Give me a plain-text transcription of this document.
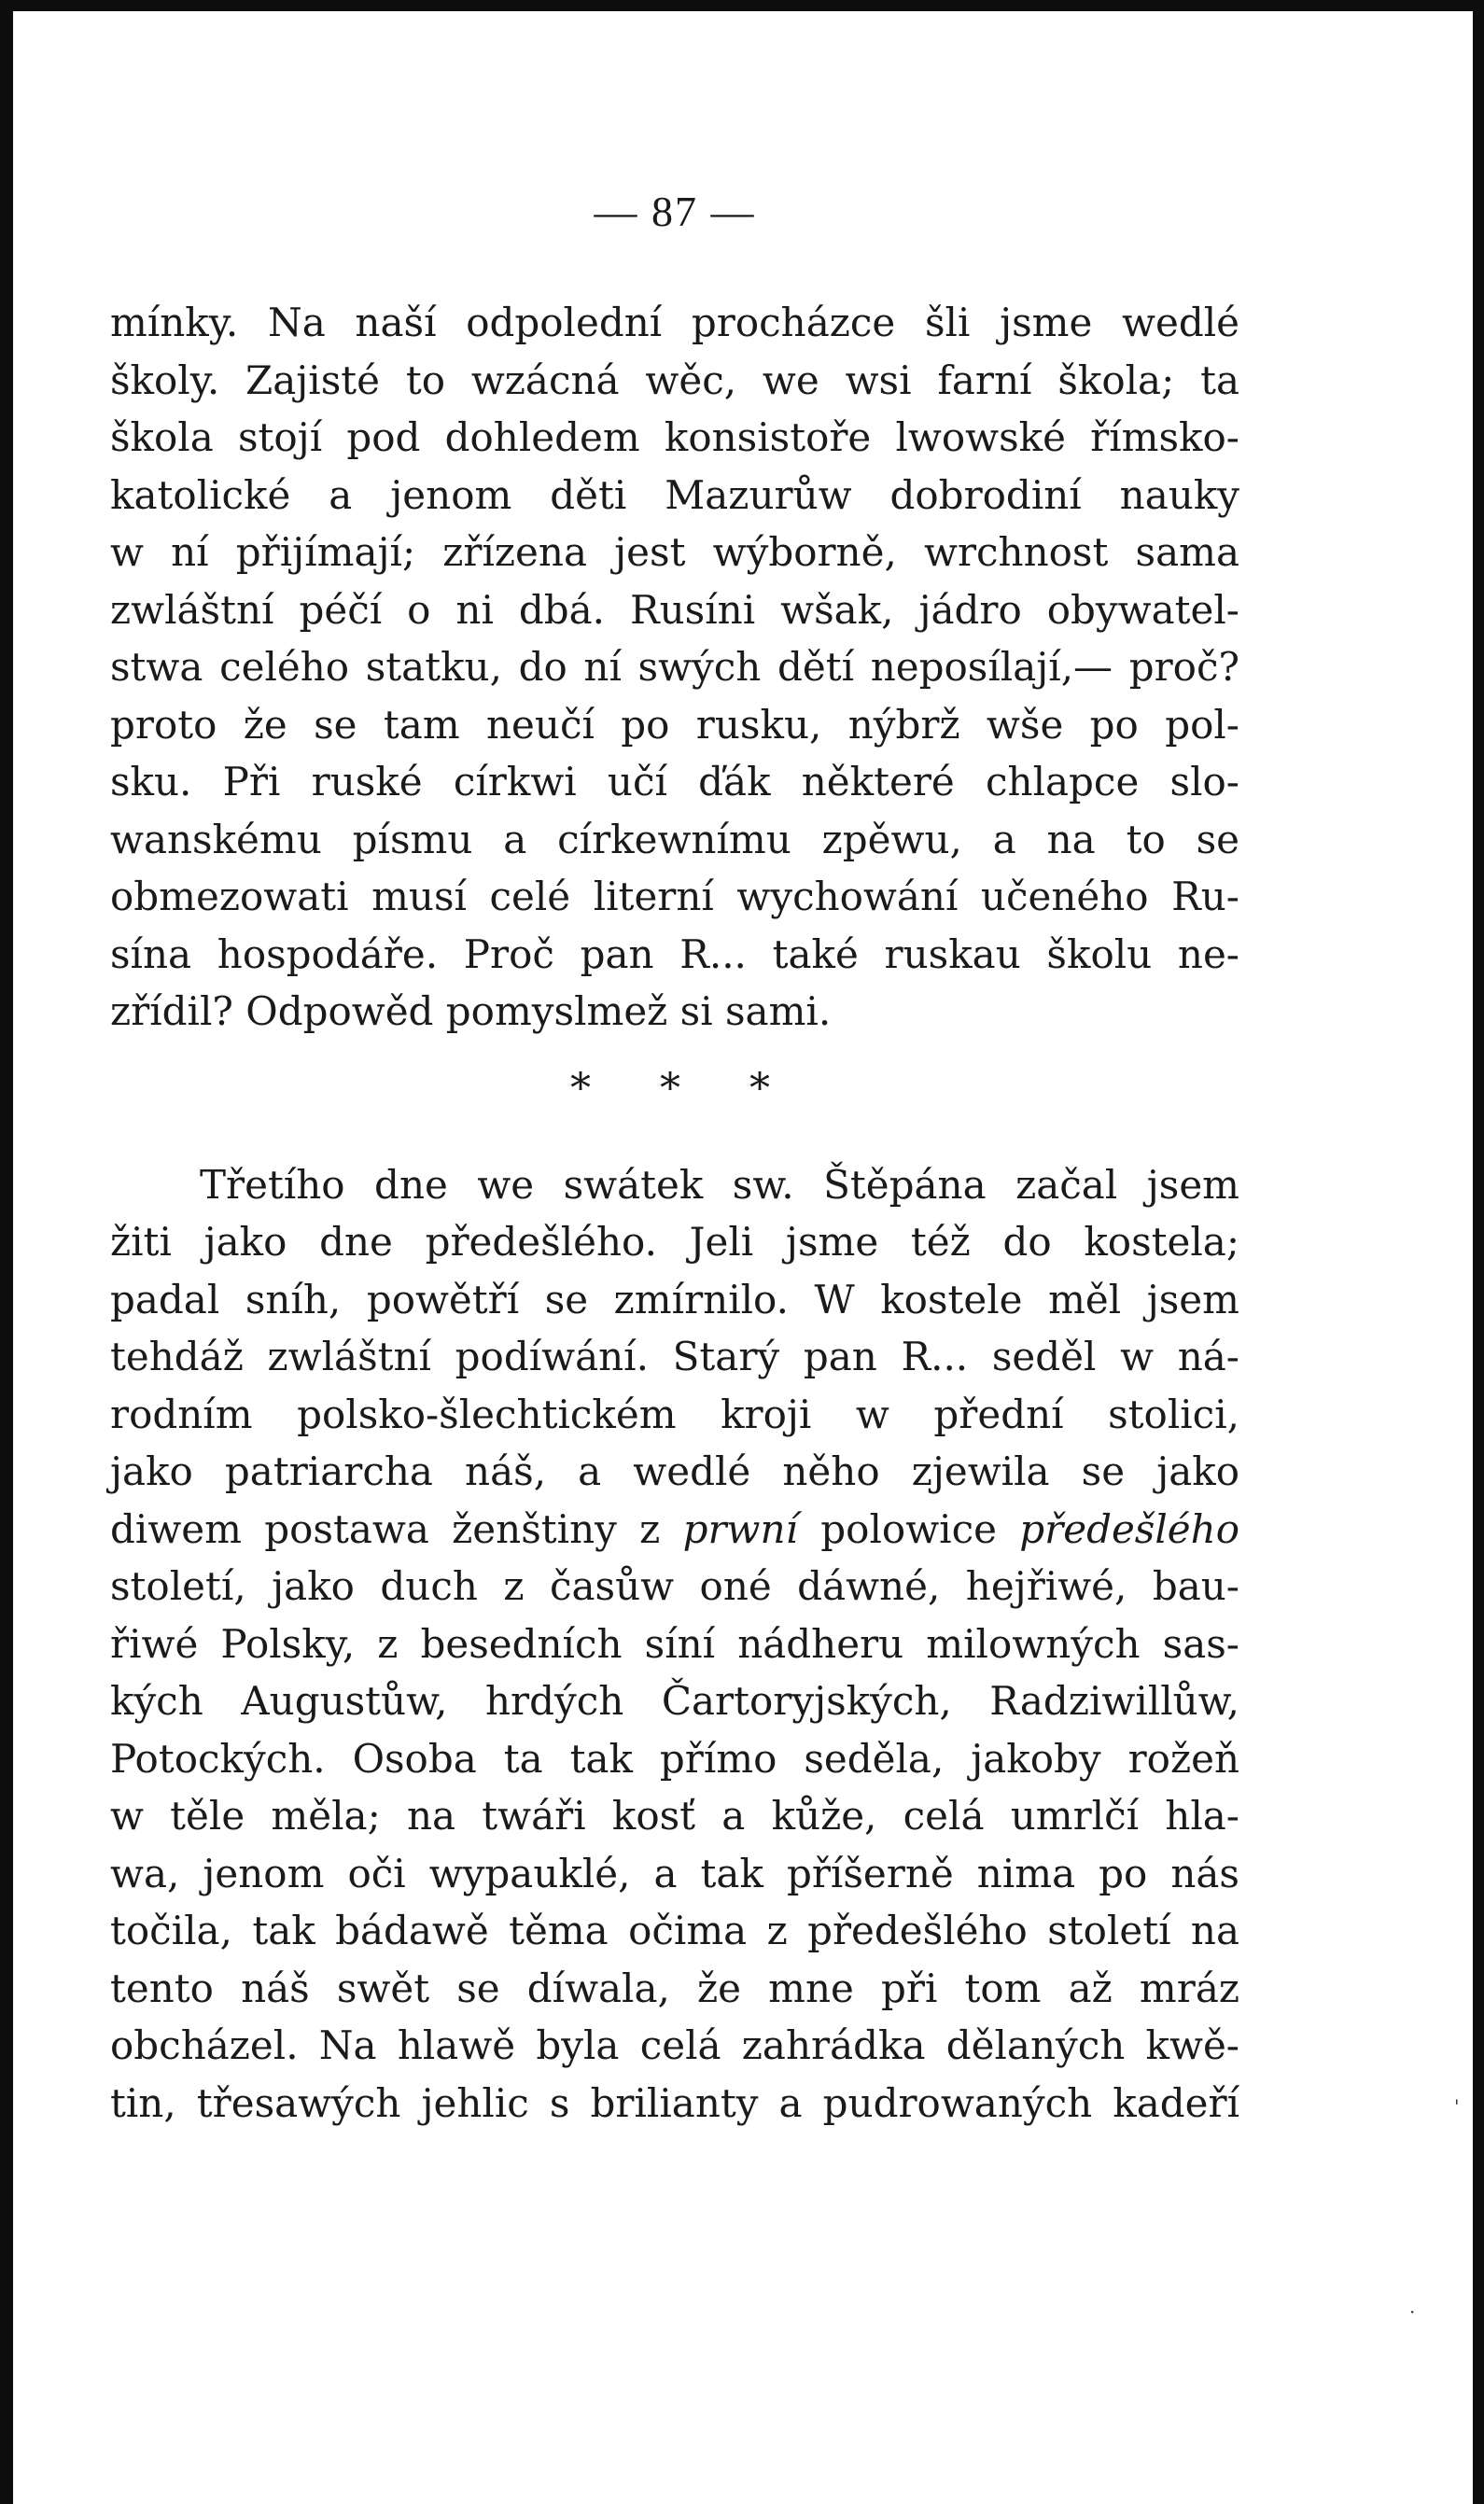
— 87 —
mínky. Na naší odpolední procházce šli jsme wedlé
školy. Zajisté to wzácná wěc, we wsi farní škola; ta
škola stojí pod dohledem konsistoře lwowské římsko-
katolické a jenom děti Mazurůw dobrodiní nauky
w ní přijímají; zřízena jest wýborně, wrchnost sama
zwláštní péčí o ni dbá. Rusíni wšak, jádro obywatel-
stwa celého statku, do ní swých dětí neposílají,— proč?
proto že se tam neučí po rusku, nýbrž wše po pol-
sku. Při ruské církwi učí ďák některé chlapce slo-
wanskému písmu a církewnímu zpěwu, a na to se
obmezowati musí celé literní wychowání učeného Ru-
sína hospodáře. Proč pan R... také ruskau školu ne-
zřídil? Odpowěd pomyslmež si sami.
* * *
Třetího dne we swátek sw. Štěpána začal jsem
žiti jako dne předešlého. Jeli jsme též do kostela;
padal sníh, powětří se zmírnilo. W kostele měl jsem
tehdáž zwláštní podíwání. Starý pan R... seděl w ná-
rodním polsko-šlechtickém kroji w přední stolici,
jako patriarcha náš, a wedlé něho zjewila se jako
diwem postawa ženštiny z prwní polowice předešlého
století, jako duch z časůw oné dáwné, hejřiwé, bau-
řiwé Polsky, z besedních síní nádheru milowných sas-
kých Augustůw, hrdých Čartoryjských, Radziwillůw,
Potockých. Osoba ta tak přímo seděla, jakoby rožeň
w těle měla; na twáři kosť a kůže, celá umrlčí hla-
wa, jenom oči wypauklé, a tak příšerně nima po nás
točila, tak bádawě těma očima z předešlého století na
tento náš swět se díwala, že mne při tom až mráz
obcházel. Na hlawě byla celá zahrádka dělaných kwě-
tin, třesawých jehlic s brilianty a pudrowaných kadeří	'
·
